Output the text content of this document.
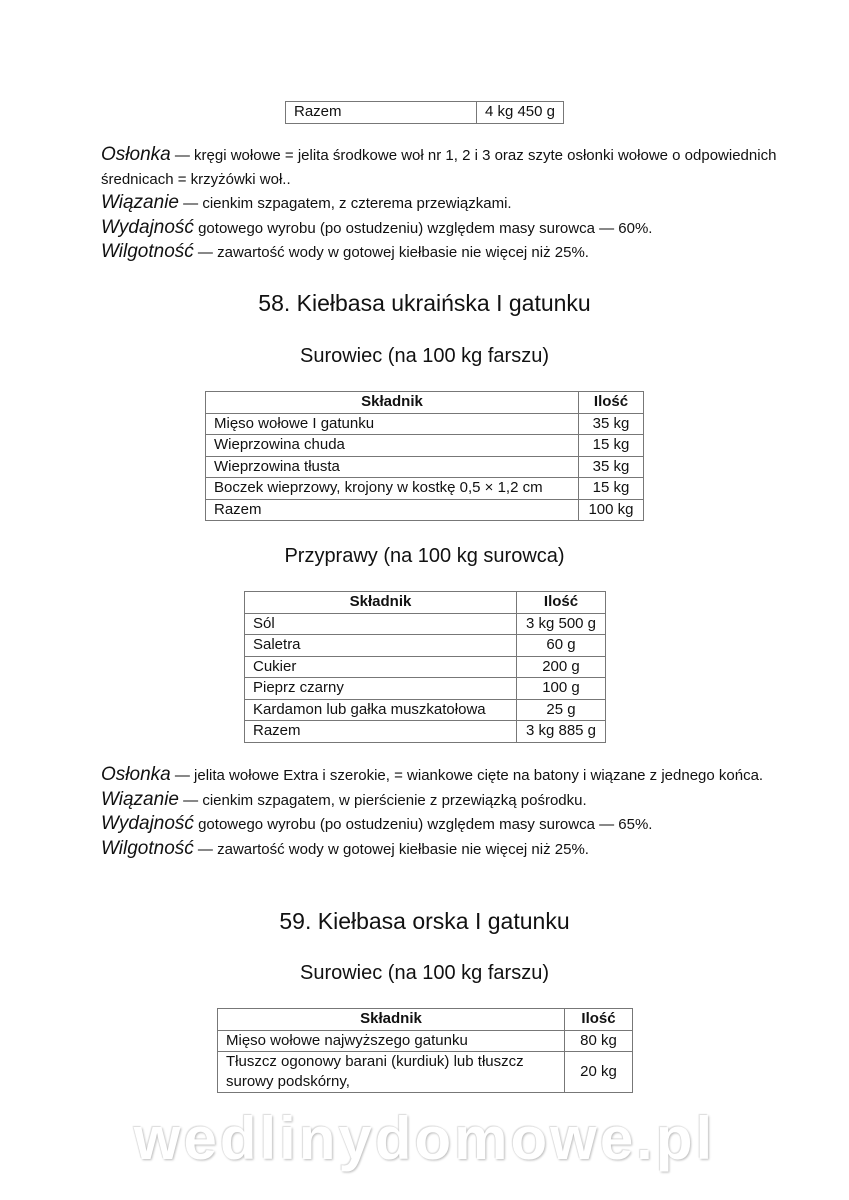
Razem	4 kg 450 g

Osłonka — kręgi wołowe = jelita środkowe woł nr 1, 2 i 3 oraz szyte osłonki wołowe o odpowiednich średnicach = krzyżówki woł..

Wiązanie — cienkim szpagatem, z czterema przewiązkami.

Wydajność gotowego wyrobu (po ostudzeniu) względem masy surowca — 60%.

Wilgotność — zawartość wody w gotowej kiełbasie nie więcej niż 25%.

58. Kiełbasa ukraińska I gatunku
Surowiec (na 100 kg farszu)
Składnik	Ilość
Mięso wołowe I gatunku	35 kg
Wieprzowina chuda	15 kg
Wieprzowina tłusta	35 kg
Boczek wieprzowy, krojony w kostkę 0,5 × 1,2 cm	15 kg
Razem	100 kg
Przyprawy (na 100 kg surowca)
Składnik	Ilość
Sól	3 kg 500 g
Saletra	60 g
Cukier	200 g
Pieprz czarny	100 g
Kardamon lub gałka muszkatołowa	25 g
Razem	3 kg 885 g

Osłonka — jelita wołowe Extra i szerokie, = wiankowe cięte na batony i wiązane z jednego końca.

Wiązanie — cienkim szpagatem, w pierścienie z przewiązką pośrodku.

Wydajność gotowego wyrobu (po ostudzeniu) względem masy surowca — 65%.

Wilgotność — zawartość wody w gotowej kiełbasie nie więcej niż 25%.

59. Kiełbasa orska I gatunku
Surowiec (na 100 kg farszu)
Składnik	Ilość
Mięso wołowe najwyższego gatunku	80 kg
Tłuszcz ogonowy barani (kurdiuk) lub tłuszcz surowy podskórny,	20 kg
wedlinydomowe.pl
